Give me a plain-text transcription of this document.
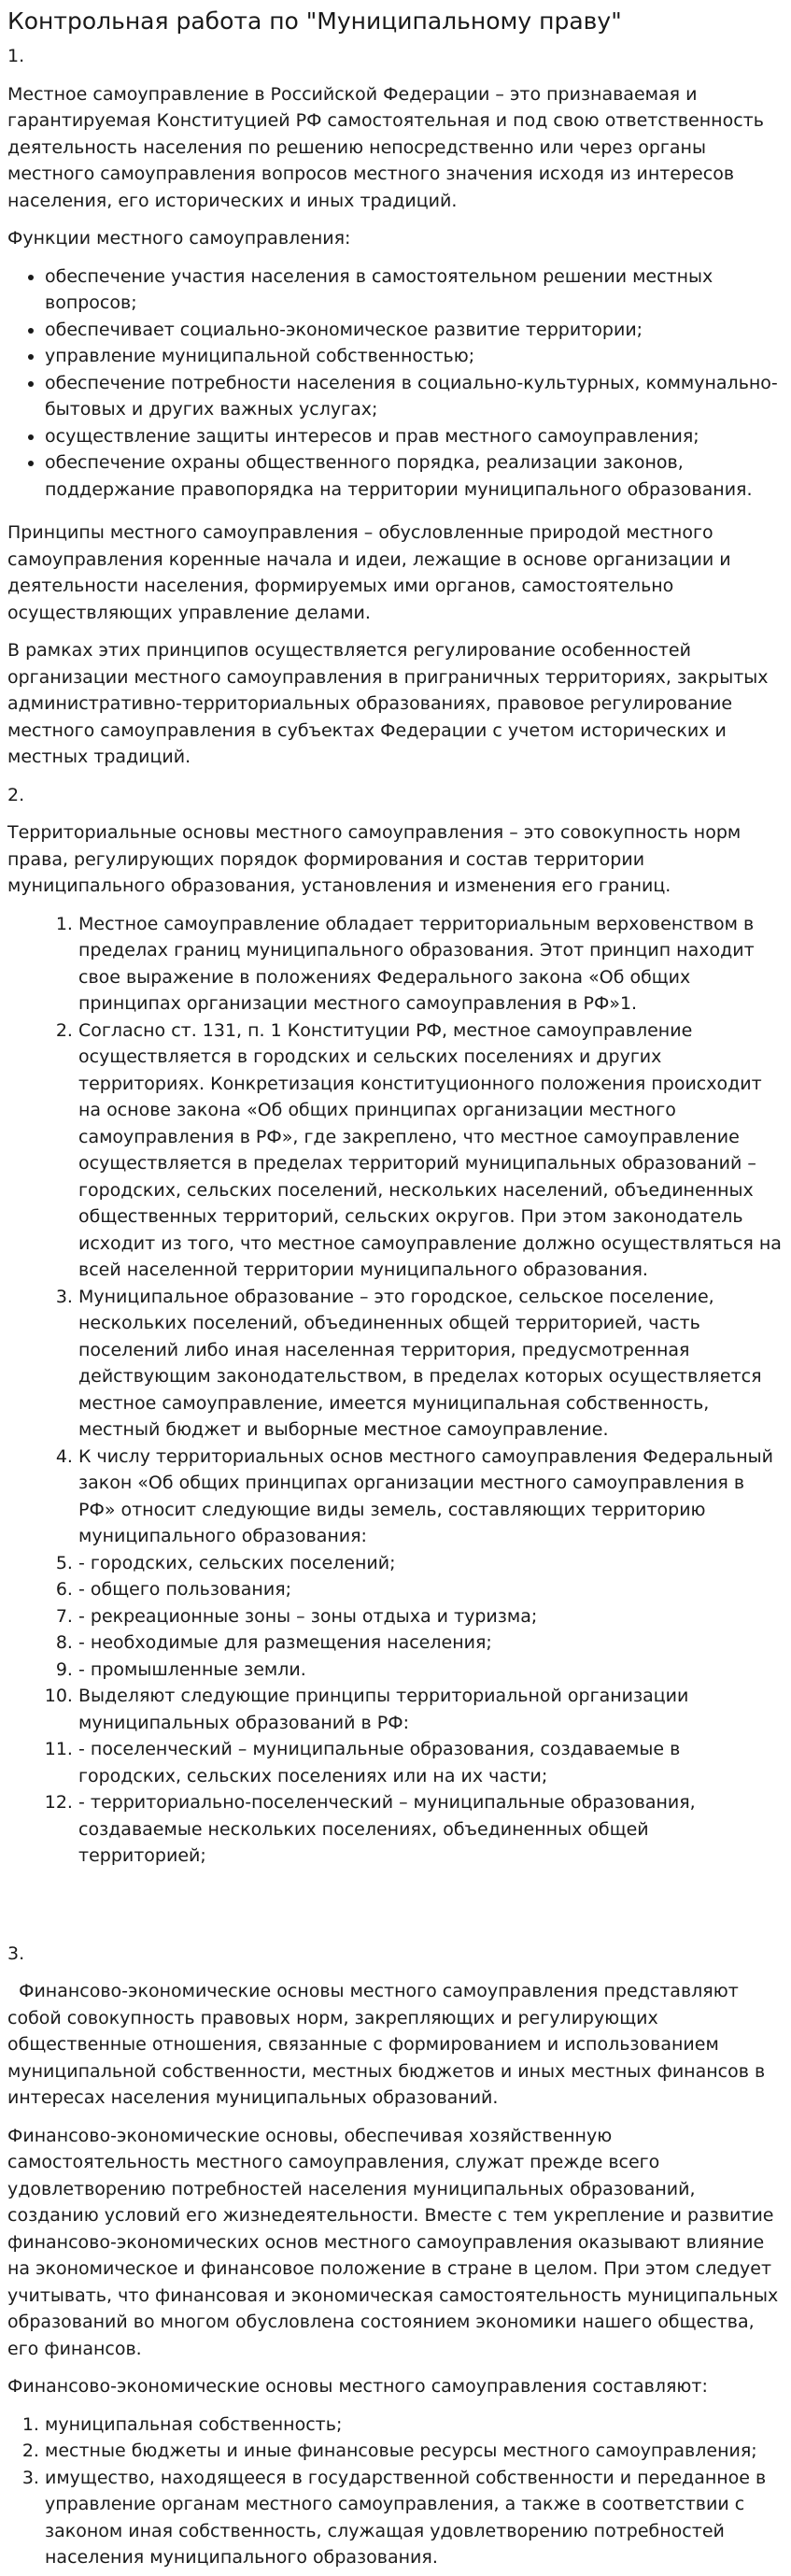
Контрольная работа по "Муниципальному праву"
1.

Местное самоуправление в Российской Федерации – это признаваемая и гарантируемая Конституцией РФ самостоятельная и под свою ответственность деятельность населения по решению непосредственно или через органы местного самоуправления вопросов местного значения исходя из интересов населения, его исторических и иных традиций.

Функции местного самоуправления:

• обеспечение участия населения в самостоятельном решении местных вопросов;
• обеспечивает социально-экономическое развитие территории;
• управление муниципальной собственностью;
• обеспечение потребности населения в социально-культурных, коммунально-бытовых и других важных услугах;
• осуществление защиты интересов и прав местного самоуправления;
• обеспечение охраны общественного порядка, реализации законов, поддержание правопорядка на территории муниципального образования.

Принципы местного самоуправления – обусловленные природой местного самоуправления коренные начала и идеи, лежащие в основе организации и деятельности населения, формируемых ими органов, самостоятельно осуществляющих управление делами.

В рамках этих принципов осуществляется регулирование особенностей организации местного самоуправления в приграничных территориях, закрытых административно-территориальных образованиях, правовое регулирование местного самоуправления в субъектах Федерации с учетом исторических и местных традиций.

2.

Территориальные основы местного самоуправления – это совокупность норм права, регулирующих порядок формирования и состав территории муниципального образования, установления и изменения его границ.

1. Местное самоуправление обладает территориальным верховенством в пределах границ муниципального образования. Этот принцип находит свое выражение в положениях Федерального закона «Об общих принципах организации местного самоуправления в РФ»1.
2. Согласно ст. 131, п. 1 Конституции РФ, местное самоуправление осуществляется в городских и сельских поселениях и других территориях. Конкретизация конституционного положения происходит на основе закона «Об общих принципах организации местного самоуправления в РФ», где закреплено, что местное самоуправление осуществляется в пределах территорий муниципальных образований – городских, сельских поселений, нескольких населений, объединенных общественных территорий, сельских округов. При этом законодатель исходит из того, что местное самоуправление должно осуществляться на всей населенной территории муниципального образования.
3. Муниципальное образование – это городское, сельское поселение, нескольких поселений, объединенных общей территорией, часть поселений либо иная населенная территория, предусмотренная действующим законодательством, в пределах которых осуществляется местное самоуправление, имеется муниципальная собственность, местный бюджет и выборные местное самоуправление.
4. К числу территориальных основ местного самоуправления Федеральный закон «Об общих принципах организации местного самоуправления в РФ» относит следующие виды земель, составляющих территорию муниципального образования:
5. - городских, сельских поселений;
6. - общего пользования;
7. - рекреационные зоны – зоны отдыха и туризма;
8. - необходимые для размещения населения;
9. - промышленные земли.
10. Выделяют следующие принципы территориальной организации муниципальных образований в РФ:
11. - поселенческий – муниципальные образования, создаваемые в городских, сельских поселениях или на их части;
12. - территориально-поселенческий – муниципальные образования, создаваемые нескольких поселениях, объединенных общей территорией;
3.

Финансово-экономические основы местного самоуправления представляют собой совокупность правовых норм, закрепляющих и регулирующих общественные отношения, связанные с формированием и использованием муниципальной собственности, местных бюджетов и иных местных финансов в интересах населения муниципальных образований.

Финансово-экономические основы, обеспечивая хозяйственную самостоятельность местного самоуправления, служат прежде всего удовлетворению потребностей населения муниципальных образований, созданию условий его жизнедеятельности. Вместе с тем укрепление и развитие финансово-экономических основ местного самоуправления оказывают влияние на экономическое и финансовое положение в стране в целом. При этом следует учитывать, что финансовая и экономическая самостоятельность муниципальных образований во многом обусловлена состоянием экономики нашего общества, его финансов.

Финансово-экономические основы местного самоуправления составляют:

1. муниципальная собственность;
2. местные бюджеты и иные финансовые ресурсы местного самоуправления;
3. имущество, находящееся в государственной собственности и переданное в управление органам местного самоуправления, а также в соответствии с законом иная собственность, служащая удовлетворению потребностей населения муниципального образования.
